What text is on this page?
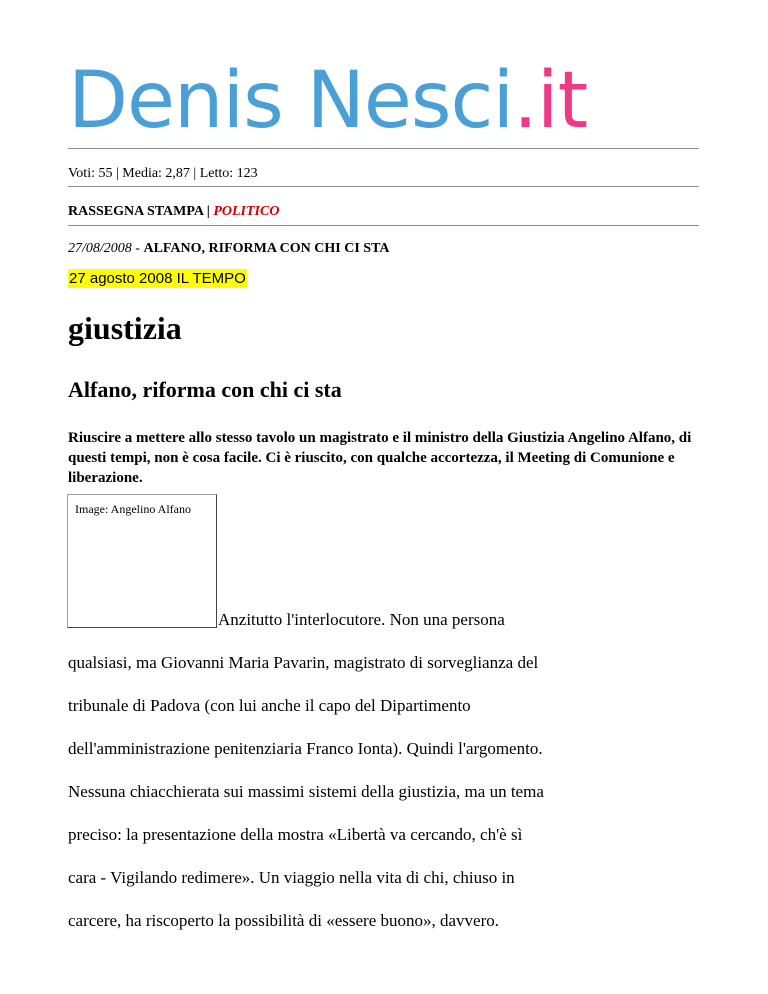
Denis Nesci.it
Voti: 55 | Media: 2,87 | Letto: 123
RASSEGNA STAMPA | POLITICO
27/08/2008 - ALFANO, RIFORMA CON CHI CI STA
27 agosto 2008 IL TEMPO
giustizia
Alfano, riforma con chi ci sta
Riuscire a mettere allo stesso tavolo un magistrato e il ministro della Giustizia Angelino Alfano, di questi tempi, non è cosa facile. Ci è riuscito, con qualche accortezza, il Meeting di Comunione e liberazione.
Image: Angelino Alfano
Anzitutto l'interlocutore. Non una persona
qualsiasi, ma Giovanni Maria Pavarin, magistrato di sorveglianza del
tribunale di Padova (con lui anche il capo del Dipartimento
dell'amministrazione penitenziaria Franco Ionta). Quindi l'argomento.
Nessuna chiacchierata sui massimi sistemi della giustizia, ma un tema
preciso: la presentazione della mostra «Libertà va cercando, ch'è sì
cara - Vigilando redimere». Un viaggio nella vita di chi, chiuso in
carcere, ha riscoperto la possibilità di «essere buono», davvero.
